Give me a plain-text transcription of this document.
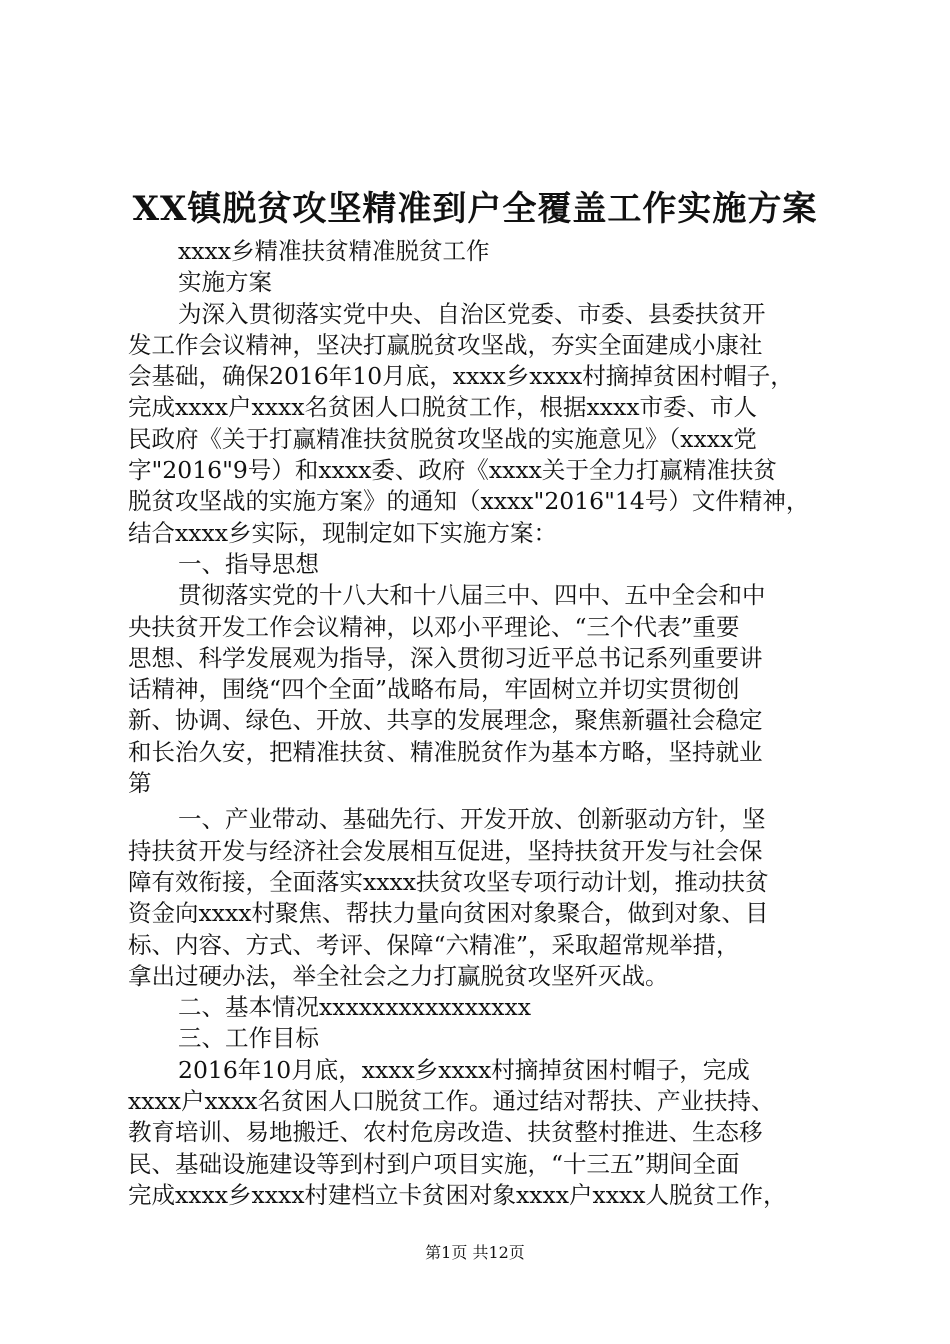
XX镇脱贫攻坚精准到户全覆盖工作实施方案

xxxx乡精准扶贫精准脱贫工作

实施方案

为深入贯彻落实党中央、自治区党委、市委、县委扶贫开

发工作会议精神，坚决打赢脱贫攻坚战，夯实全面建成小康社

会基础，确保2016年10月底，xxxx乡xxxx村摘掉贫困村帽子，

完成xxxx户xxxx名贫困人口脱贫工作，根据xxxx市委、市人

民政府《关于打赢精准扶贫脱贫攻坚战的实施意见》（xxxx党

字"2016"9号）和xxxx委、政府《xxxx关于全力打赢精准扶贫

脱贫攻坚战的实施方案》的通知（xxxx"2016"14号）文件精神，

结合xxxx乡实际，现制定如下实施方案：

一、指导思想

贯彻落实党的十八大和十八届三中、四中、五中全会和中

央扶贫开发工作会议精神，以邓小平理论、“三个代表”重要

思想、科学发展观为指导，深入贯彻习近平总书记系列重要讲

话精神，围绕“四个全面”战略布局，牢固树立并切实贯彻创

新、协调、绿色、开放、共享的发展理念，聚焦新疆社会稳定

和长治久安，把精准扶贫、精准脱贫作为基本方略，坚持就业

第

一、产业带动、基础先行、开发开放、创新驱动方针，坚

持扶贫开发与经济社会发展相互促进，坚持扶贫开发与社会保

障有效衔接，全面落实xxxx扶贫攻坚专项行动计划，推动扶贫

资金向xxxx村聚焦、帮扶力量向贫困对象聚合，做到对象、目

标、内容、方式、考评、保障“六精准”，采取超常规举措，

拿出过硬办法，举全社会之力打赢脱贫攻坚歼灭战。

二、基本情况xxxxxxxxxxxxxxxx

三、工作目标

2016年10月底，xxxx乡xxxx村摘掉贫困村帽子，完成

xxxx户xxxx名贫困人口脱贫工作。通过结对帮扶、产业扶持、

教育培训、易地搬迁、农村危房改造、扶贫整村推进、生态移

民、基础设施建设等到村到户项目实施，“十三五”期间全面

完成xxxx乡xxxx村建档立卡贫困对象xxxx户xxxx人脱贫工作，

第1页 共12页
